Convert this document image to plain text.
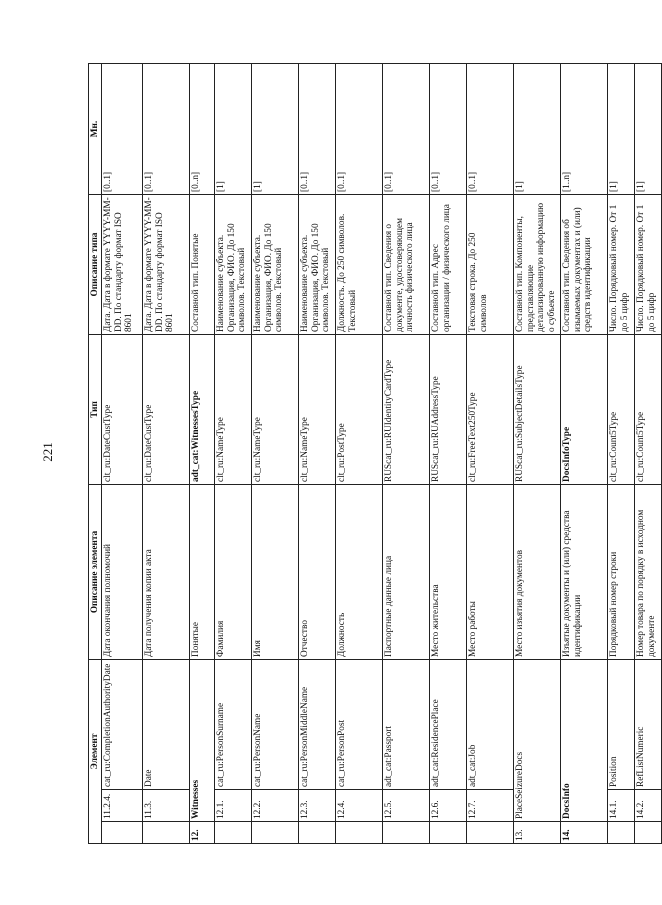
221
Элемент			Описание элемента	Тип	Описание типа	Мн.
	11.2.4.	cat_ru:CompletionAuthorityDate	Дата окончания полномочий	clt_ru:DateCustType	Дата. Дата в формате YYYY-MM-DD. По стандарту формат ISO 8601	[0..1]
	11.3.	Date	Дата получения копии акта	clt_ru:DateCustType	Дата. Дата в формате YYYY-MM-DD. По стандарту формат ISO 8601	[0..1]
12.	Witnesses		Понятые	adt_cat:WitnessesType	Составной тип. Понятые	[0..n]
	12.1.	cat_ru:PersonSurname	Фамилия	clt_ru:NameType	Наименование субъекта. Организация, ФИО. До 150 символов. Текстовый	[1]
	12.2.	cat_ru:PersonName	Имя	clt_ru:NameType	Наименование субъекта. Организация, ФИО. До 150 символов. Текстовый	[1]
	12.3.	cat_ru:PersonMiddleName	Отчество	clt_ru:NameType	Наименование субъекта. Организация, ФИО. До 150 символов. Текстовый	[0..1]
	12.4.	cat_ru:PersonPost	Должность	clt_ru:PostType	Должность. До 250 символов. Текстовый	[0..1]
	12.5.	adt_cat:Passport	Паспортные данные лица	RUScat_ru:RUIdentityCardType	Составной тип. Сведения о документе, удостоверяющем личность физического лица	[0..1]
	12.6.	adt_cat:ResidencePlace	Место жительства	RUScat_ru:RUAddressType	Составной тип. Адрес организации / физического лица	[0..1]
	12.7.	adt_cat:Job	Место работы	clt_ru:FreeText250Type	Текстовая строка. До 250 символов	[0..1]
13.	PlaceSeizureDocs		Место изъятия документов	RUScat_ru:SubjectDetailsType	Составной тип. Компоненты, представляющие детализированную информацию о субъекте	[1]
14.	DocsInfo		Изъятые документы и (или) средства идентификации	DocsInfoType	Составной тип. Сведения об изымаемых документах и (или) средств идентификации	[1..n]
	14.1.	Position	Порядковый номер строки	clt_ru:Count5Type	Число. Порядковый номер. От 1 до 5 цифр	[1]
	14.2.	RefListNumeric	Номер товара по порядку в исходном документе	clt_ru:Count5Type	Число. Порядковый номер. От 1 до 5 цифр	[1]
